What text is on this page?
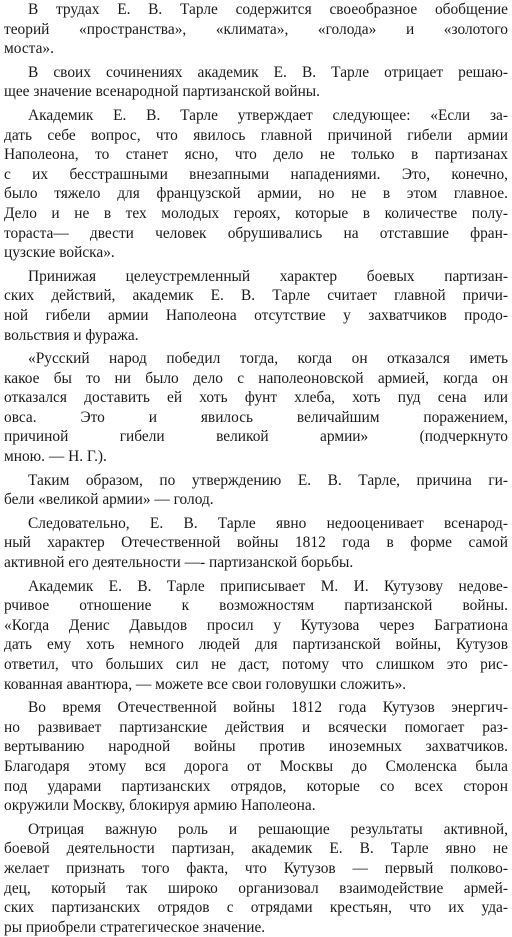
В трудах Е. В. Тарле содержится своеобразное обобщение
теорий «пространства», «климата», «голода» и «золотого
моста».
В своих сочинениях академик Е. В. Тарле отрицает решаю-
щее значение всенародной партизанской войны.
Академик Е. В. Тарле утверждает следующее: «Если за-
дать себе вопрос, что явилось главной причиной гибели армии
Наполеона, то станет ясно, что дело не только в партизанах
с их бесстрашными внезапными нападениями. Это, конечно,
было тяжело для французской армии, но не в этом главное.
Дело и не в тех молодых героях, которые в количестве полу-
тораста— двести человек обрушивались на отставшие фран-
цузские войска».
Принижая целеустремленный характер боевых партизан-
ских действий, академик Е. В. Тарле считает главной причи-
ной гибели армии Наполеона отсутствие у захватчиков продо-
вольствия и фуража.
«Русский народ победил тогда, когда он отказался иметь
какое бы то ни было дело с наполеоновской армией, когда он
отказался доставить ей хоть фунт хлеба, хоть пуд сена или
овса. Это и явилось величайшим поражением,
причиной гибели великой армии» (подчеркнуто
мною. — Н. Г.).
Таким образом, по утверждению Е. В. Тарле, причина ги-
бели «великой армии» — голод.
Следовательно, Е. В. Тарле явно недооценивает всенарод-
ный характер Отечественной войны 1812 года в форме самой
активной его деятельности —- партизанской борьбы.
Академик Е. В. Тарле приписывает М. И. Кутузову недове-
рчивое отношение к возможностям партизанской войны.
«Когда Денис Давыдов просил у Кутузова через Багратиона
дать ему хоть немного людей для партизанской войны, Кутузов
ответил, что больших сил не даст, потому что слишком это рис-
кованная авантюра, — можете все свои головушки сложить».
Во время Отечественной войны 1812 года Кутузов энергич-
но развивает партизанские действия и всячески помогает раз-
вертыванию народной войны против иноземных захватчиков.
Благодаря этому вся дорога от Москвы до Смоленска была
под ударами партизанских отрядов, которые со всех сторон
окружили Москву, блокируя армию Наполеона.
Отрицая важную роль и решающие результаты активной,
боевой деятельности партизан, академик Е. В. Тарле явно не
желает признать того факта, что Кутузов — первый полково-
дец, который так широко организовал взаимодействие армей-
ских партизанских отрядов с отрядами крестьян, что их уда-
ры приобрели стратегическое значение.
